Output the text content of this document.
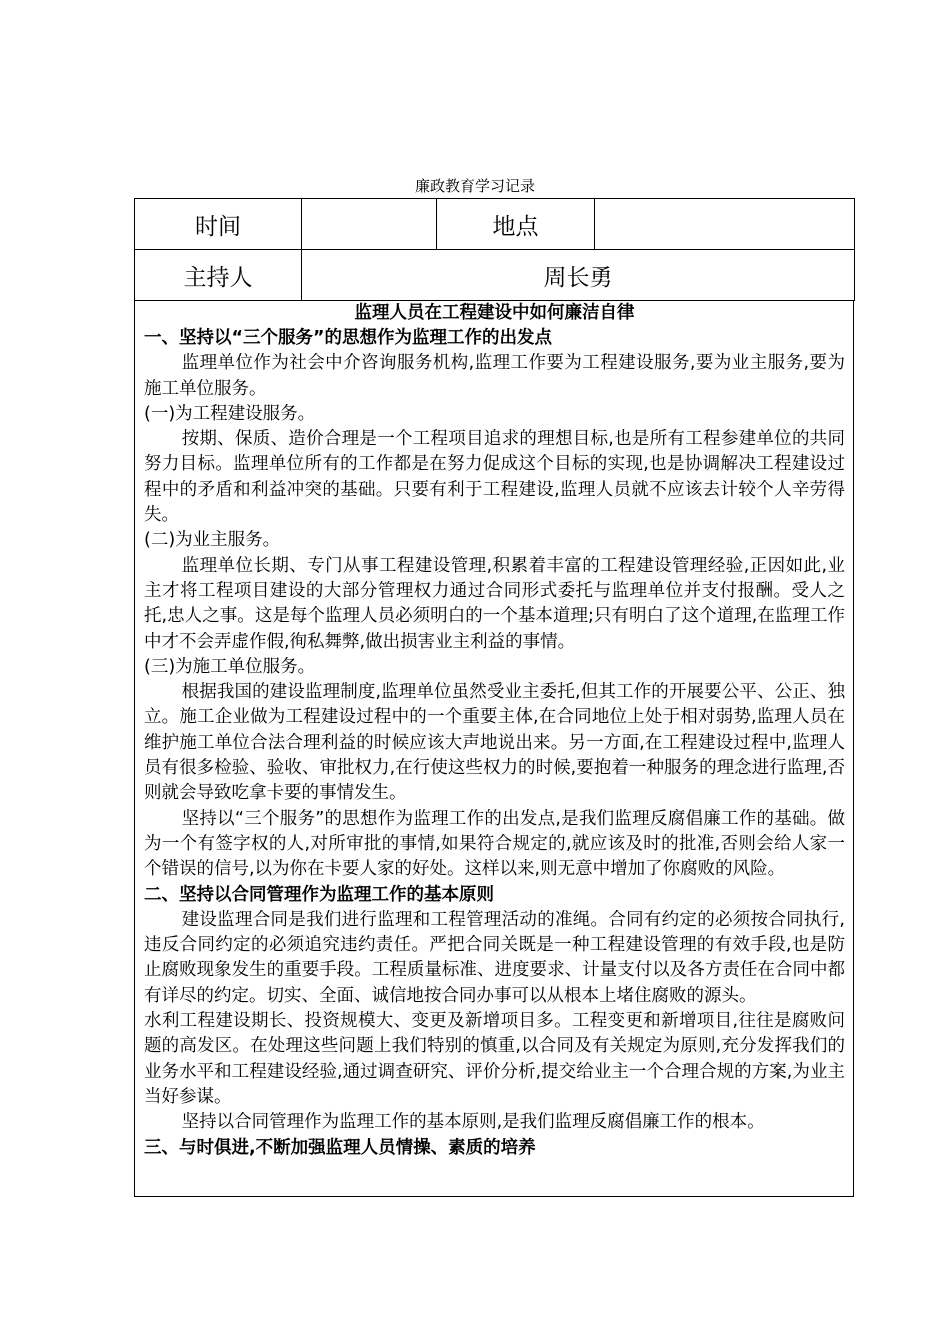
廉政教育学习记录
时间		地点	
主持人	周长勇		
监理人员在工程建设中如何廉洁自律

一、坚持以“三个服务”的思想作为监理工作的出发点

监理单位作为社会中介咨询服务机构,监理工作要为工程建设服务,要为业主服务,要为施工单位服务。

(一)为工程建设服务。

按期、保质、造价合理是一个工程项目追求的理想目标,也是所有工程参建单位的共同努力目标。监理单位所有的工作都是在努力促成这个目标的实现,也是协调解决工程建设过程中的矛盾和利益冲突的基础。只要有利于工程建设,监理人员就不应该去计较个人辛劳得失。

(二)为业主服务。

监理单位长期、专门从事工程建设管理,积累着丰富的工程建设管理经验,正因如此,业主才将工程项目建设的大部分管理权力通过合同形式委托与监理单位并支付报酬。受人之托,忠人之事。这是每个监理人员必须明白的一个基本道理;只有明白了这个道理,在监理工作中才不会弄虚作假,徇私舞弊,做出损害业主利益的事情。

(三)为施工单位服务。

根据我国的建设监理制度,监理单位虽然受业主委托,但其工作的开展要公平、公正、独立。施工企业做为工程建设过程中的一个重要主体,在合同地位上处于相对弱势,监理人员在维护施工单位合法合理利益的时候应该大声地说出来。另一方面,在工程建设过程中,监理人员有很多检验、验收、审批权力,在行使这些权力的时候,要抱着一种服务的理念进行监理,否则就会导致吃拿卡要的事情发生。

坚持以“三个服务”的思想作为监理工作的出发点,是我们监理反腐倡廉工作的基础。做为一个有签字权的人,对所审批的事情,如果符合规定的,就应该及时的批准,否则会给人家一个错误的信号,以为你在卡要人家的好处。这样以来,则无意中增加了你腐败的风险。

二、坚持以合同管理作为监理工作的基本原则

建设监理合同是我们进行监理和工程管理活动的准绳。合同有约定的必须按合同执行,违反合同约定的必须追究违约责任。严把合同关既是一种工程建设管理的有效手段,也是防止腐败现象发生的重要手段。工程质量标准、进度要求、计量支付以及各方责任在合同中都有详尽的约定。切实、全面、诚信地按合同办事可以从根本上堵住腐败的源头。

水利工程建设期长、投资规模大、变更及新增项目多。工程变更和新增项目,往往是腐败问题的高发区。在处理这些问题上我们特别的慎重,以合同及有关规定为原则,充分发挥我们的业务水平和工程建设经验,通过调查研究、评价分析,提交给业主一个合理合规的方案,为业主当好参谋。

坚持以合同管理作为监理工作的基本原则,是我们监理反腐倡廉工作的根本。

三、与时俱进,不断加强监理人员情操、素质的培养
